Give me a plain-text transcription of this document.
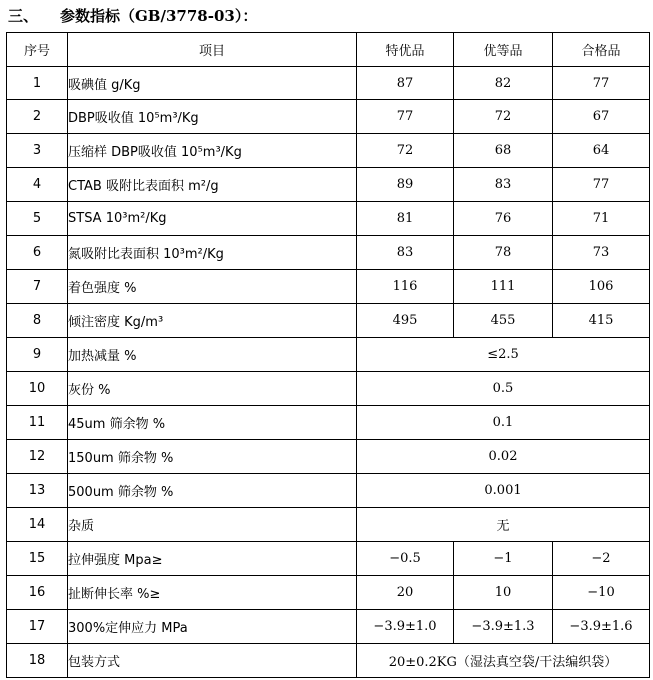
三、 参数指标（GB/3778-03）：
序号	项目	特优品	优等品	合格品
1	吸碘值 g/Kg	87	82	77
2	DBP吸收值 10⁵m³/Kg	77	72	67
3	压缩样 DBP吸收值 10⁵m³/Kg	72	68	64
4	CTAB 吸附比表面积 m²/g	89	83	77
5	STSA 10³m²/Kg	81	76	71
6	氮吸附比表面积 10³m²/Kg	83	78	73
7	着色强度 %	116	111	106
8	倾注密度 Kg/m³	495	455	415
9	加热减量 %	≤2.5		
10	灰份 %	0.5		
11	45um 筛余物 %	0.1		
12	150um 筛余物 %	0.02		
13	500um 筛余物 %	0.001		
14	杂质	无		
15	拉伸强度 Mpa≥	−0.5	−1	−2
16	扯断伸长率 %≥	20	10	−10
17	300%定伸应力 MPa	−3.9±1.0	−3.9±1.3	−3.9±1.6
18	包装方式	20±0.2KG（湿法真空袋/干法编织袋）		
